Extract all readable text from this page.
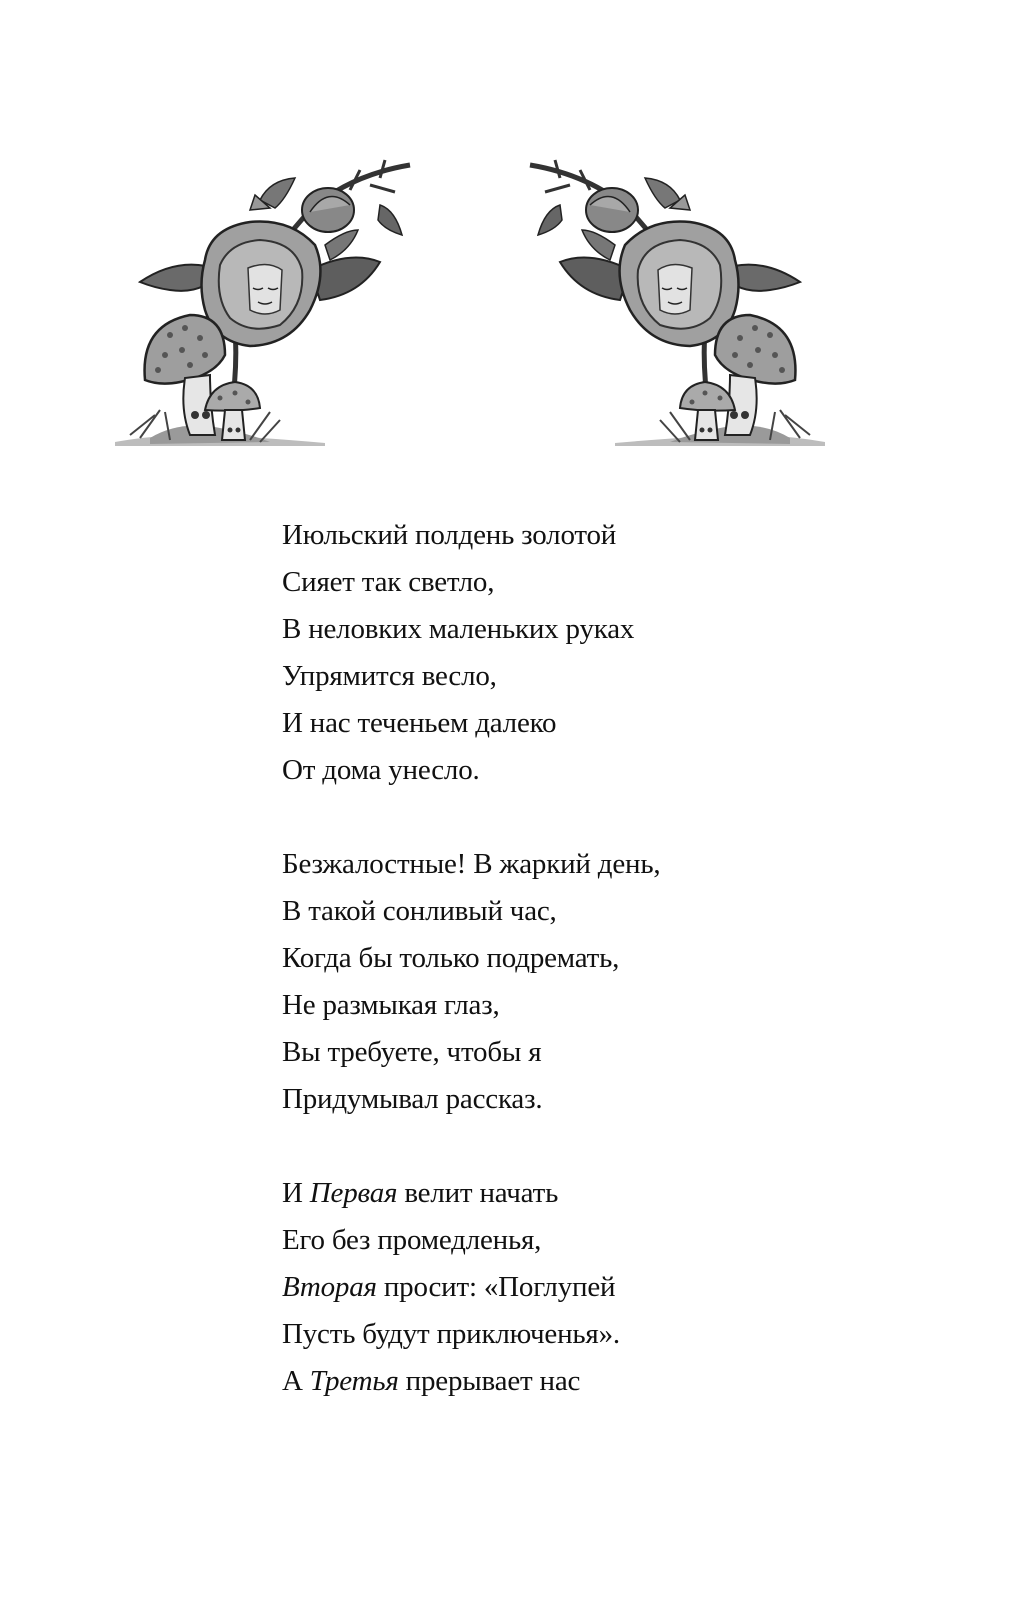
Июльский полдень золотой
Сияет так светло,
В неловких маленьких руках
Упрямится весло,
И нас теченьем далеко
От дома унесло.
Безжалостные! В жаркий день,
В такой сонливый час,
Когда бы только подремать,
Не размыкая глаз,
Вы требуете, чтобы я
Придумывал рассказ.
И Первая велит начать
Его без промедленья,
Вторая просит: «Поглупей
Пусть будут приключенья».
А Третья прерывает нас
